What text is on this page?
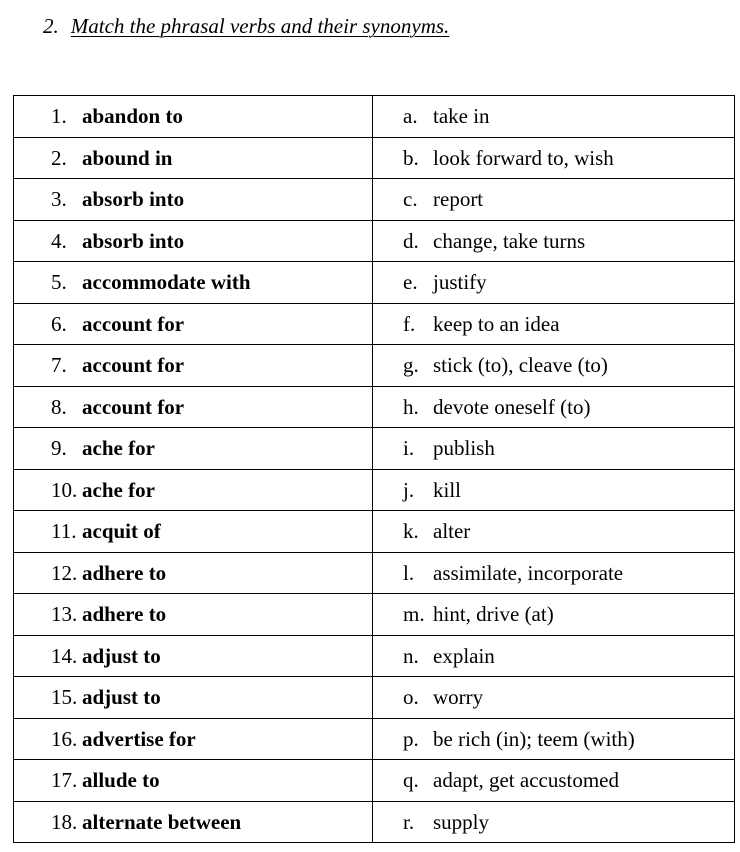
2. Match the phrasal verbs and their synonyms.
1. abandon to	a. take in
2. abound in	b. look forward to, wish
3. absorb into	c. report
4. absorb into	d. change, take turns
5. accommodate with	e. justify
6. account for	f. keep to an idea
7. account for	g. stick (to), cleave (to)
8. account for	h. devote oneself (to)
9. ache for	i. publish
10. ache for	j. kill
11. acquit of	k. alter
12. adhere to	l. assimilate, incorporate
13. adhere to	m. hint, drive (at)
14. adjust to	n. explain
15. adjust to	o. worry
16. advertise for	p. be rich (in); teem (with)
17. allude to	q. adapt, get accustomed
18. alternate between	r. supply
